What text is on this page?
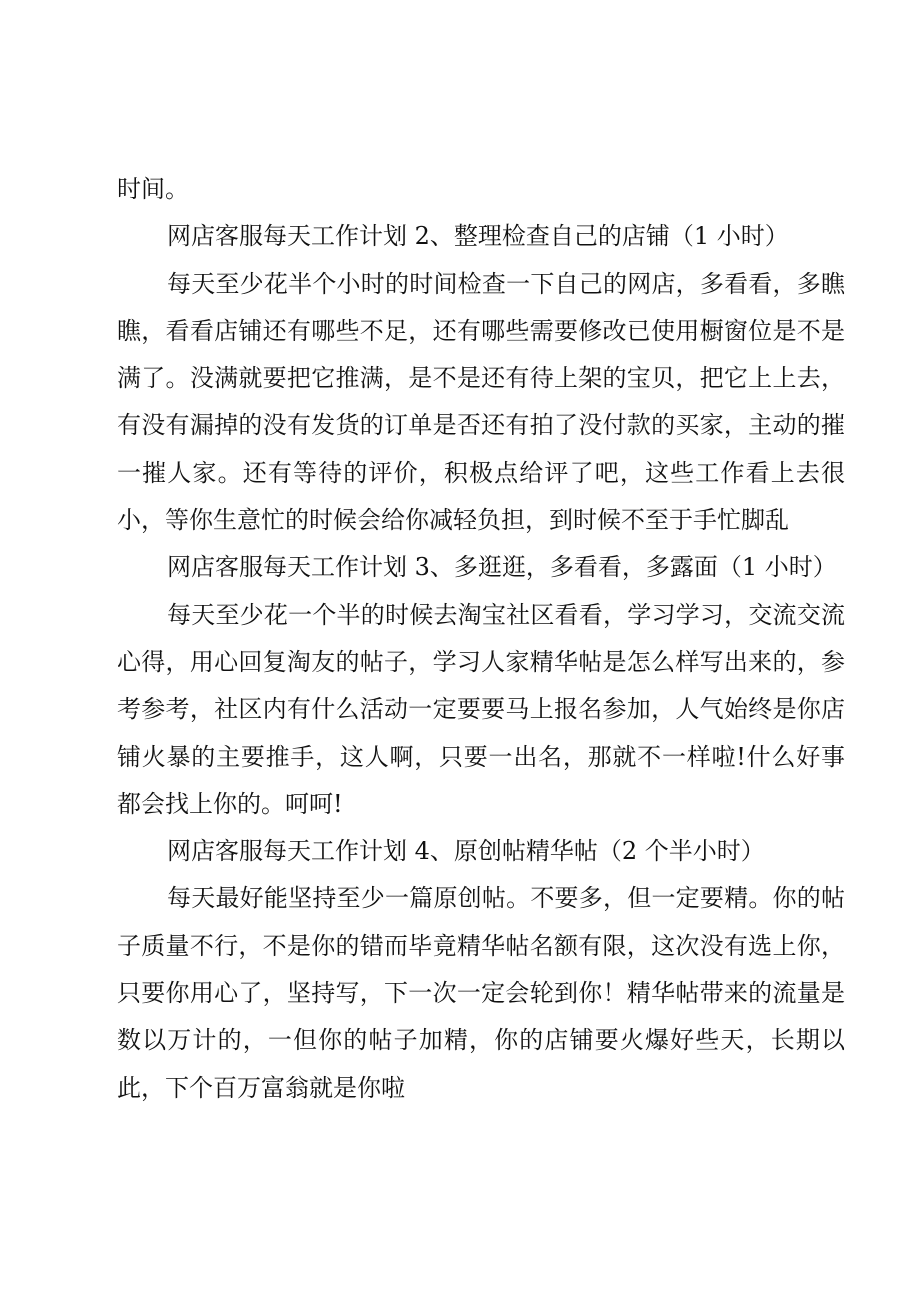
时间。

网店客服每天工作计划 2、整理检查自己的店铺（1 小时）

每天至少花半个小时的时间检查一下自己的网店，多看看，多瞧瞧，看看店铺还有哪些不足，还有哪些需要修改已使用橱窗位是不是满了。没满就要把它推满，是不是还有待上架的宝贝，把它上上去，有没有漏掉的没有发货的订单是否还有拍了没付款的买家，主动的摧一摧人家。还有等待的评价，积极点给评了吧，这些工作看上去很小，等你生意忙的时候会给你减轻负担，到时候不至于手忙脚乱

网店客服每天工作计划 3、多逛逛，多看看，多露面（1 小时）

每天至少花一个半的时候去淘宝社区看看，学习学习，交流交流心得，用心回复淘友的帖子，学习人家精华帖是怎么样写出来的，参考参考，社区内有什么活动一定要要马上报名参加，人气始终是你店铺火暴的主要推手，这人啊，只要一出名，那就不一样啦!什么好事都会找上你的。呵呵!

网店客服每天工作计划 4、原创帖精华帖（2 个半小时）

每天最好能坚持至少一篇原创帖。不要多，但一定要精。你的帖子质量不行，不是你的错而毕竟精华帖名额有限，这次没有选上你，只要你用心了，坚持写，下一次一定会轮到你！精华帖带来的流量是数以万计的，一但你的帖子加精，你的店铺要火爆好些天，长期以此，下个百万富翁就是你啦
